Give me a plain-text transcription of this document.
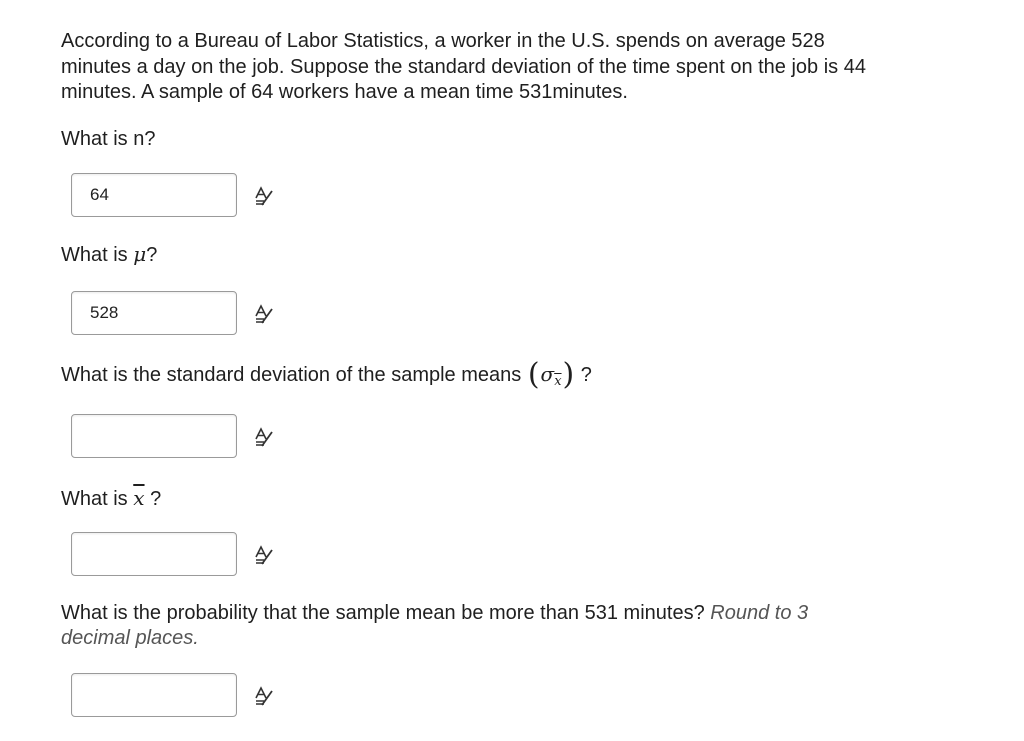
According to a Bureau of Labor Statistics, a worker in the U.S. spends on average 528 minutes a day on the job. Suppose the standard deviation of the time spent on the job is 44 minutes. A sample of 64 workers have a mean time 531minutes.
What is n?
64
What is μ?
528
What is the standard deviation of the sample means $(\sigma_{\overline{x}})$ ?
What is $\overline{x}$ ?
What is the probability that the sample mean be more than 531 minutes? Round to 3 decimal places.
